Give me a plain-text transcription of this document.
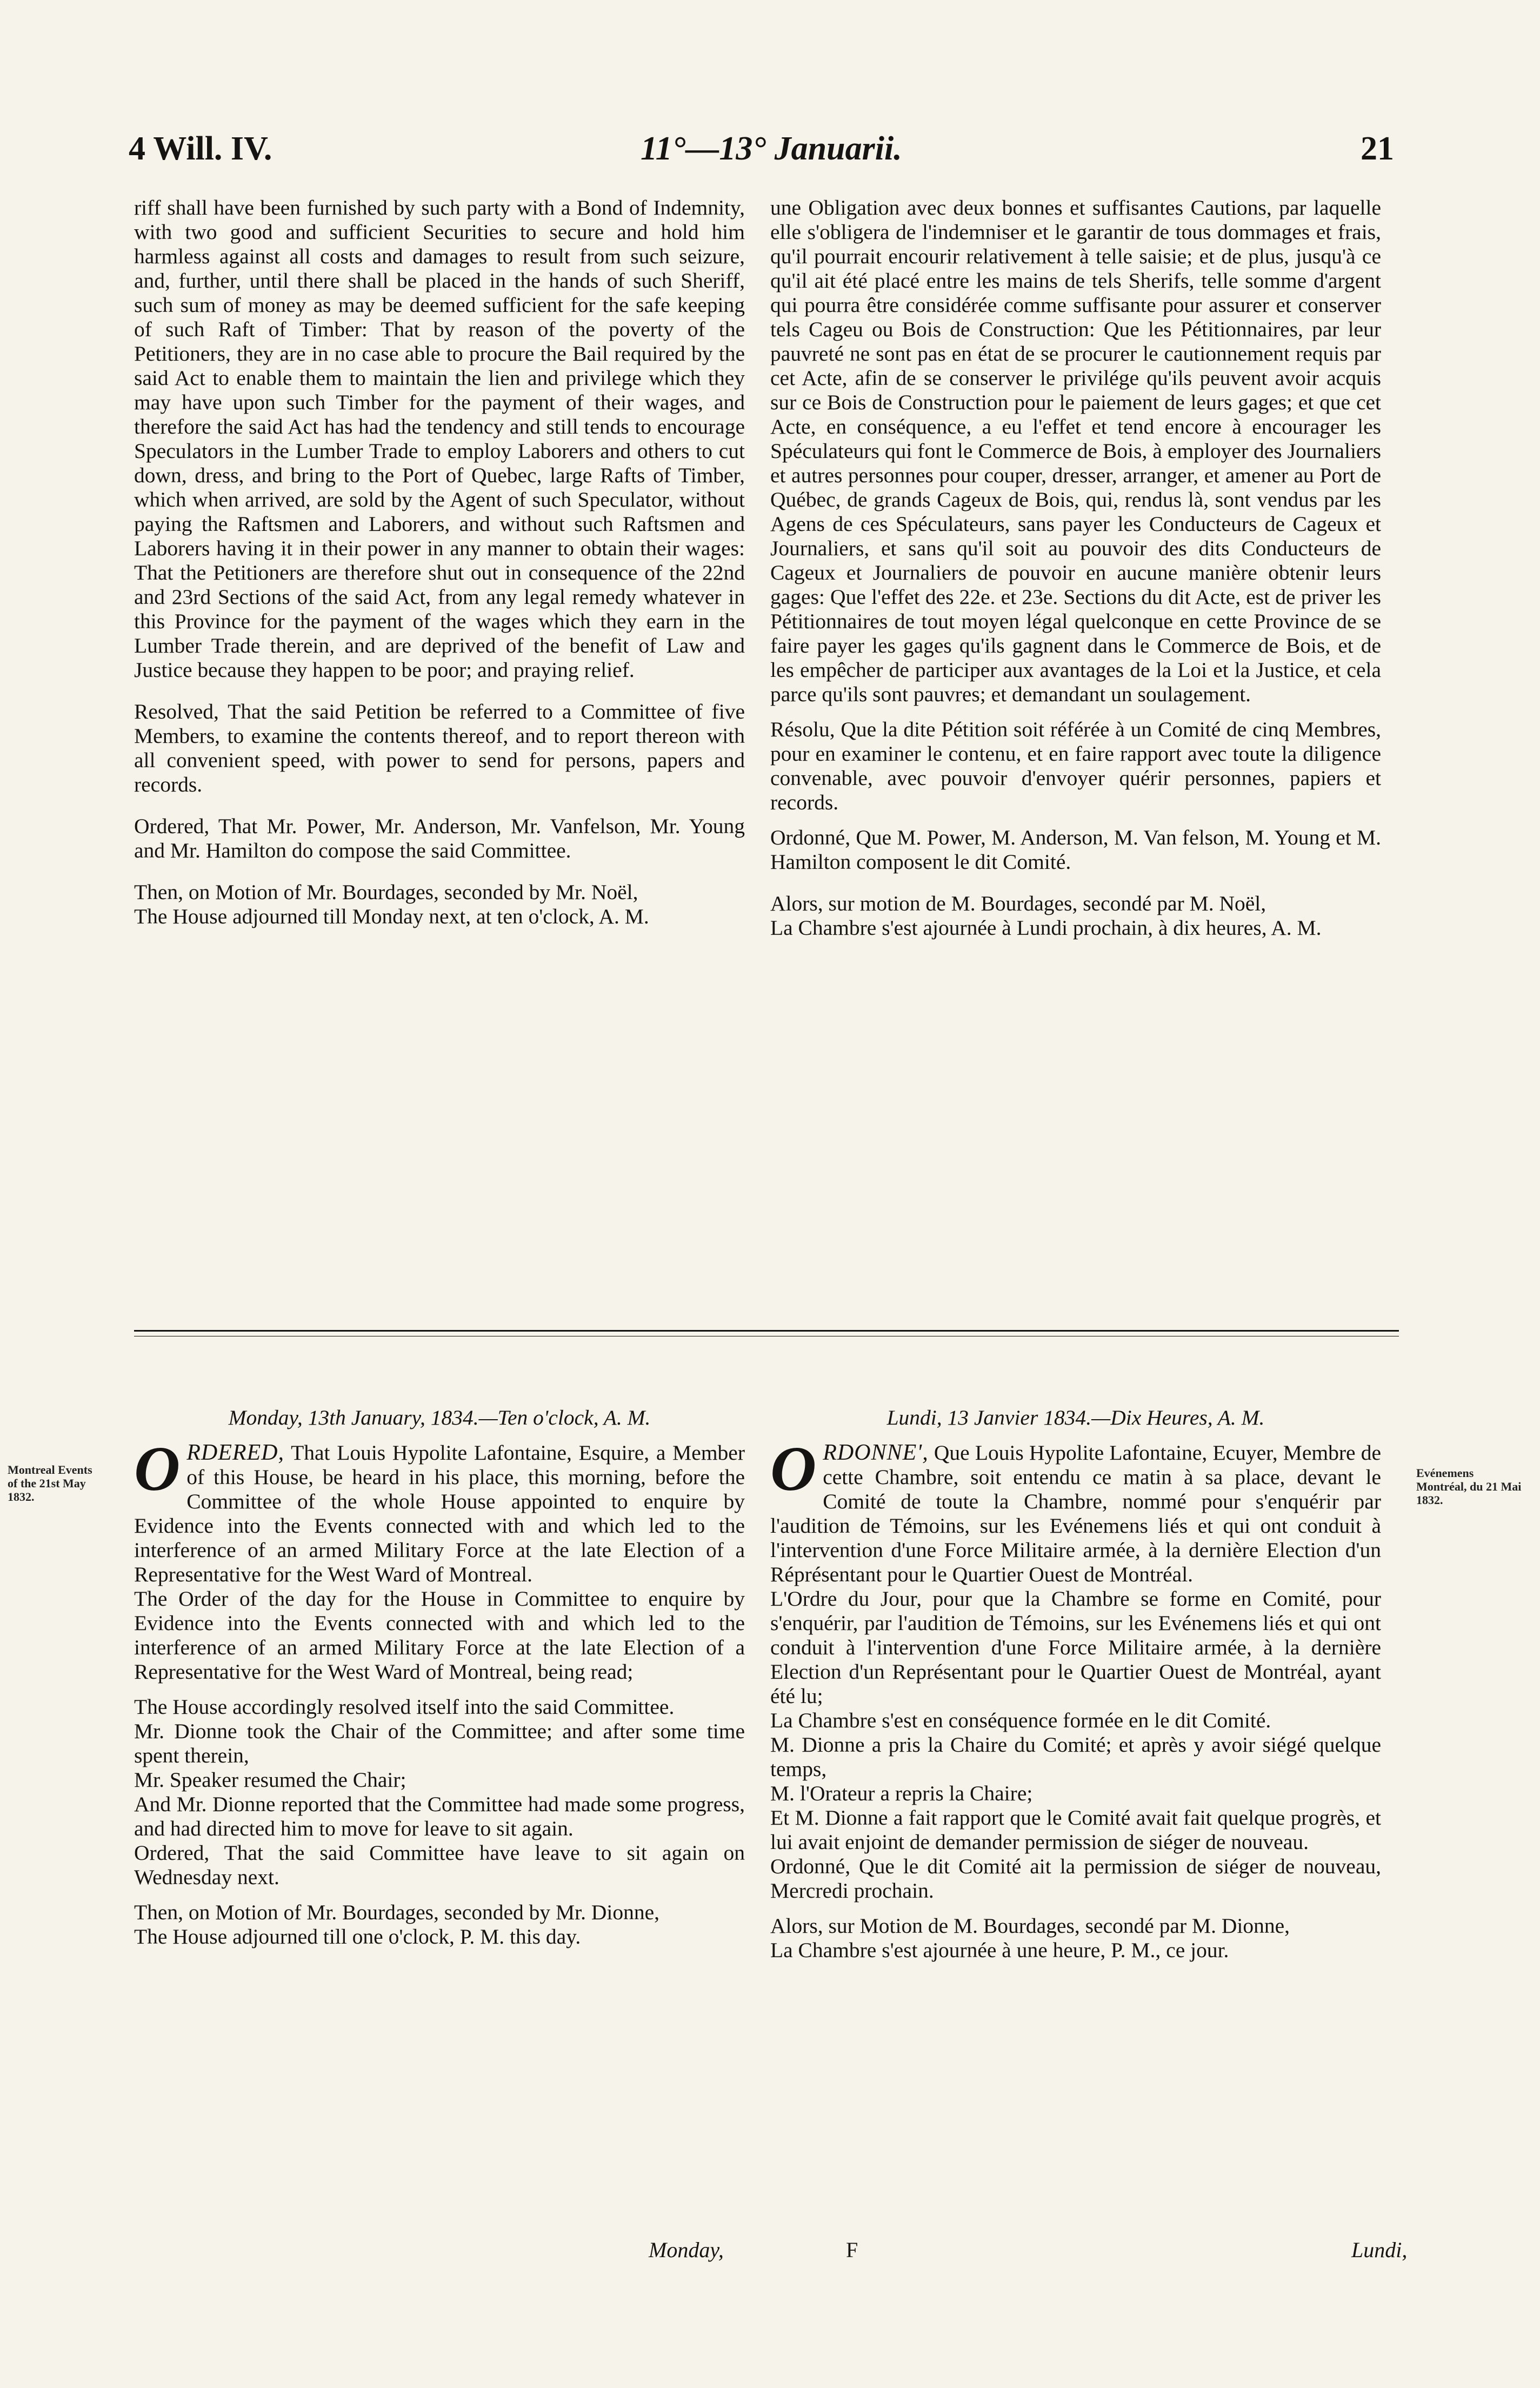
4 Will. IV.	11°—13° Januarii.	21

riff shall have been furnished by such party with a Bond of Indemnity, with two good and sufficient Securities to secure and hold him harmless against all costs and damages to result from such seizure, and, further, until there shall be placed in the hands of such Sheriff, such sum of money as may be deemed sufficient for the safe keeping of such Raft of Timber: That by reason of the poverty of the Petitioners, they are in no case able to procure the Bail required by the said Act to enable them to maintain the lien and privilege which they may have upon such Timber for the payment of their wages, and therefore the said Act has had the tendency and still tends to encourage Speculators in the Lumber Trade to employ Laborers and others to cut down, dress, and bring to the Port of Quebec, large Rafts of Timber, which when arrived, are sold by the Agent of such Speculator, without paying the Raftsmen and Laborers, and without such Raftsmen and Laborers having it in their power in any manner to obtain their wages: That the Petitioners are therefore shut out in consequence of the 22nd and 23rd Sections of the said Act, from any legal remedy whatever in this Province for the payment of the wages which they earn in the Lumber Trade therein, and are deprived of the benefit of Law and Justice because they happen to be poor; and praying relief.

Resolved, That the said Petition be referred to a Committee of five Members, to examine the contents thereof, and to report thereon with all convenient speed, with power to send for persons, papers and records.

Ordered, That Mr. Power, Mr. Anderson, Mr. Vanfelson, Mr. Young and Mr. Hamilton do compose the said Committee.

Then, on Motion of Mr. Bourdages, seconded by Mr. Noël,

The House adjourned till Monday next, at ten o'clock, A. M.

une Obligation avec deux bonnes et suffisantes Cautions, par laquelle elle s'obligera de l'indemniser et le garantir de tous dommages et frais, qu'il pourrait encourir relativement à telle saisie; et de plus, jusqu'à ce qu'il ait été placé entre les mains de tels Sherifs, telle somme d'argent qui pourra être considérée comme suffisante pour assurer et conserver tels Cageu ou Bois de Construction: Que les Pétitionnaires, par leur pauvreté ne sont pas en état de se procurer le cautionnement requis par cet Acte, afin de se conserver le privilége qu'ils peuvent avoir acquis sur ce Bois de Construction pour le paiement de leurs gages; et que cet Acte, en conséquence, a eu l'effet et tend encore à encourager les Spéculateurs qui font le Commerce de Bois, à employer des Journaliers et autres personnes pour couper, dresser, arranger, et amener au Port de Québec, de grands Cageux de Bois, qui, rendus là, sont vendus par les Agens de ces Spéculateurs, sans payer les Conducteurs de Cageux et Journaliers, et sans qu'il soit au pouvoir des dits Conducteurs de Cageux et Journaliers de pouvoir en aucune manière obtenir leurs gages: Que l'effet des 22e. et 23e. Sections du dit Acte, est de priver les Pétitionnaires de tout moyen légal quelconque en cette Province de se faire payer les gages qu'ils gagnent dans le Commerce de Bois, et de les empêcher de participer aux avantages de la Loi et la Justice, et cela parce qu'ils sont pauvres; et demandant un soulagement.

Résolu, Que la dite Pétition soit référée à un Comité de cinq Membres, pour en examiner le contenu, et en faire rapport avec toute la diligence convenable, avec pouvoir d'envoyer quérir personnes, papiers et records.

Ordonné, Que M. Power, M. Anderson, M. Van felson, M. Young et M. Hamilton composent le dit Comité.

Alors, sur motion de M. Bourdages, secondé par M. Noël,

La Chambre s'est ajournée à Lundi prochain, à dix heures, A. M.

Montreal Events of the 21st May 1832.
Evénemens Montréal, du 21 Mai 1832.

Monday, 13th January, 1834.—Ten o'clock, A. M.

ORDERED, That Louis Hypolite Lafontaine, Esquire, a Member of this House, be heard in his place, this morning, before the Committee of the whole House appointed to enquire by Evidence into the Events connected with and which led to the interference of an armed Military Force at the late Election of a Representative for the West Ward of Montreal.

The Order of the day for the House in Committee to enquire by Evidence into the Events connected with and which led to the interference of an armed Military Force at the late Election of a Representative for the West Ward of Montreal, being read;

The House accordingly resolved itself into the said Committee.

Mr. Dionne took the Chair of the Committee; and after some time spent therein,

Mr. Speaker resumed the Chair;

And Mr. Dionne reported that the Committee had made some progress, and had directed him to move for leave to sit again.

Ordered, That the said Committee have leave to sit again on Wednesday next.

Then, on Motion of Mr. Bourdages, seconded by Mr. Dionne,

The House adjourned till one o'clock, P. M. this day.

Lundi, 13 Janvier 1834.—Dix Heures, A. M.

ORDONNE', Que Louis Hypolite Lafontaine, Ecuyer, Membre de cette Chambre, soit entendu ce matin à sa place, devant le Comité de toute la Chambre, nommé pour s'enquérir par l'audition de Témoins, sur les Evénemens liés et qui ont conduit à l'intervention d'une Force Militaire armée, à la dernière Election d'un Réprésentant pour le Quartier Ouest de Montréal.

L'Ordre du Jour, pour que la Chambre se forme en Comité, pour s'enquérir, par l'audition de Témoins, sur les Evénemens liés et qui ont conduit à l'intervention d'une Force Militaire armée, à la dernière Election d'un Représentant pour le Quartier Ouest de Montréal, ayant été lu;

La Chambre s'est en conséquence formée en le dit Comité.

M. Dionne a pris la Chaire du Comité; et après y avoir siégé quelque temps,

M. l'Orateur a repris la Chaire;

Et M. Dionne a fait rapport que le Comité avait fait quelque progrès, et lui avait enjoint de demander permission de siéger de nouveau.

Ordonné, Que le dit Comité ait la permission de siéger de nouveau, Mercredi prochain.

Alors, sur Motion de M. Bourdages, secondé par M. Dionne,

La Chambre s'est ajournée à une heure, P. M., ce jour.

Monday,	F	Lundi,
